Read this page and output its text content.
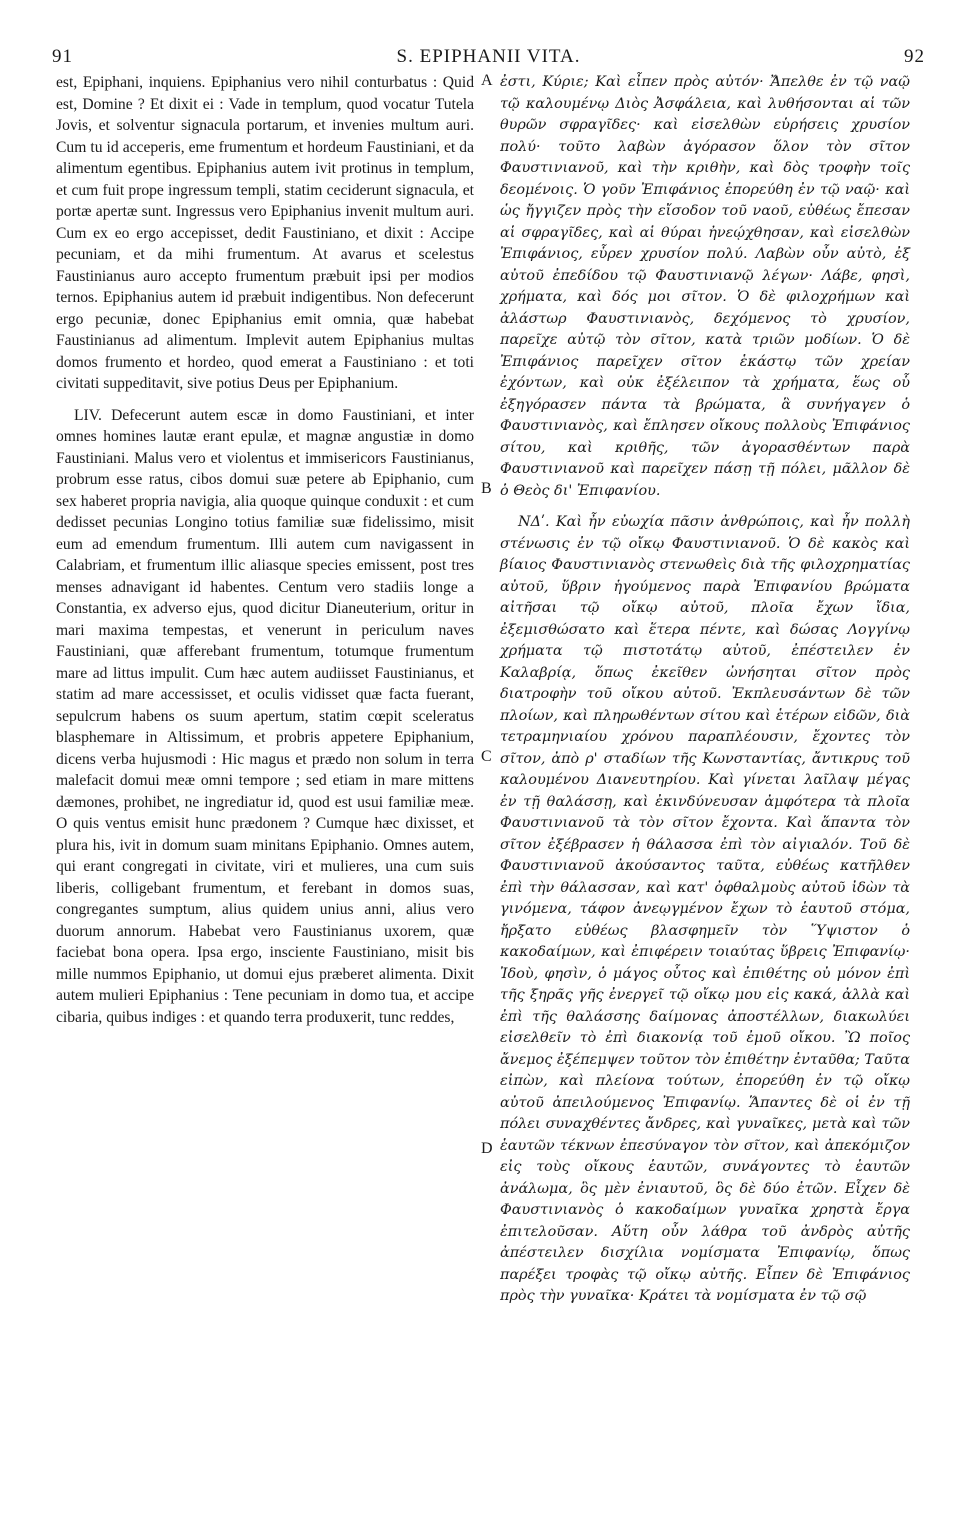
91	S. EPIPHANII VITA.	92

est, Epiphani, inquiens. Epiphanius vero nihil conturbatus : Quid est, Domine ? Et dixit ei : Vade in templum, quod vocatur Tutela Jovis, et solventur signacula portarum, et invenies multum auri. Cum tu id acceperis, eme frumentum et hordeum Faustiniani, et da alimentum egentibus. Epiphanius autem ivit protinus in templum, et cum fuit prope ingressum templi, statim ceciderunt signacula, et portæ apertæ sunt. Ingressus vero Epiphanius invenit multum auri. Cum ex eo ergo accepisset, dedit Faustiniano, et dixit : Accipe pecuniam, et da mihi frumentum. At avarus et scelestus Faustinianus auro accepto frumentum præbuit ipsi per modios ternos. Epiphanius autem id præbuit indigentibus. Non defecerunt ergo pecuniæ, donec Epiphanius emit omnia, quæ habebat Faustinianus ad alimentum. Implevit autem Epiphanius multas domos frumento et hordeo, quod emerat a Faustiniano : et toti civitati suppeditavit, sive potius Deus per Epiphanium.

LIV. Defecerunt autem escæ in domo Faustiniani, et inter omnes homines lautæ erant epulæ, et magnæ angustiæ in domo Faustiniani. Malus vero et violentus et immisericors Faustinianus, probrum esse ratus, cibos domui suæ petere ab Epiphanio, cum sex haberet propria navigia, alia quoque quinque conduxit : et cum dedisset pecunias Longino totius familiæ suæ fidelissimo, misit eum ad emendum frumentum. Illi autem cum navigassent in Calabriam, et frumentum illic aliasque species emissent, post tres menses adnavigant id habentes. Centum vero stadiis longe a Constantia, ex adverso ejus, quod dicitur Dianeuterium, oritur in mari maxima tempestas, et venerunt in periculum naves Faustiniani, quæ afferebant frumentum, totumque frumentum mare ad littus impulit. Cum hæc autem audiisset Faustinianus, et statim ad mare accessisset, et oculis vidisset quæ facta fuerant, sepulcrum habens os suum apertum, statim cœpit sceleratus blasphemare in Altissimum, et probris appetere Epiphanium, dicens verba hujusmodi : Hic magus et prædo non solum in terra malefacit domui meæ omni tempore ; sed etiam in mare mittens dæmones, prohibet, ne ingrediatur id, quod est usui familiæ meæ. O quis ventus emisit hunc prædonem ? Cumque hæc dixisset, et plura his, ivit in domum suam minitans Epiphanio. Omnes autem, qui erant congregati in civitate, viri et mulieres, una cum suis liberis, colligebant frumentum, et ferebant in domos suas, congregantes sumptum, alius quidem unius anni, alius vero duorum annorum. Habebat vero Faustinianus uxorem, quæ faciebat bona opera. Ipsa ergo, insciente Faustiniano, misit bis mille nummos Epiphanio, ut domui ejus præberet alimenta. Dixit autem mulieri Epiphanius : Tene pecuniam in domo tua, et accipe cibaria, quibus indiges : et quando terra produxerit, tunc reddes,

A
B
C
D

ἐστι, Κύριε; Καὶ εἶπεν πρὸς αὐτόν· Ἄπελθε ἐν τῷ ναῷ τῷ καλουμένῳ Διὸς Ἀσφάλεια, καὶ λυθήσονται αἱ τῶν θυρῶν σφραγῖδες· καὶ εἰσελθὼν εὑρήσεις χρυσίον πολύ· τοῦτο λαβὼν ἀγόρασον ὅλον τὸν σῖτον Φαυστινιανοῦ, καὶ τὴν κριθὴν, καὶ δὸς τροφὴν τοῖς δεομένοις. Ὁ γοῦν Ἐπιφάνιος ἐπορεύθη ἐν τῷ ναῷ· καὶ ὡς ἤγγιζεν πρὸς τὴν εἴσοδον τοῦ ναοῦ, εὐθέως ἔπεσαν αἱ σφραγῖδες, καὶ αἱ θύραι ἠνεῴχθησαν, καὶ εἰσελθὼν Ἐπιφάνιος, εὗρεν χρυσίον πολύ. Λαβὼν οὖν αὐτὸ, ἐξ αὐτοῦ ἐπεδίδου τῷ Φαυστινιανῷ λέγων· Λάβε, φησὶ, χρήματα, καὶ δός μοι σῖτον. Ὁ δὲ φιλοχρήμων καὶ ἀλάστωρ Φαυστινιανὸς, δεχόμενος τὸ χρυσίον, παρεῖχε αὐτῷ τὸν σῖτον, κατὰ τριῶν μοδίων. Ὁ δὲ Ἐπιφάνιος παρεῖχεν σῖτον ἑκάστῳ τῶν χρείαν ἐχόντων, καὶ οὐκ ἐξέλειπον τὰ χρήματα, ἕως οὗ ἐξηγόρασεν πάντα τὰ βρώματα, ἃ συνήγαγεν ὁ Φαυστινιανὸς, καὶ ἔπλησεν οἴκους πολλοὺς Ἐπιφάνιος σίτου, καὶ κριθῆς, τῶν ἀγορασθέντων παρὰ Φαυστινιανοῦ καὶ παρεῖχεν πάσῃ τῇ πόλει, μᾶλλον δὲ ὁ Θεὸς δι' Ἐπιφανίου.

ΝΔʹ. Καὶ ἦν εὐωχία πᾶσιν ἀνθρώποις, καὶ ἦν πολλὴ στένωσις ἐν τῷ οἴκῳ Φαυστινιανοῦ. Ὁ δὲ κακὸς καὶ βίαιος Φαυστινιανὸς στενωθεὶς διὰ τῆς φιλοχρηματίας αὐτοῦ, ὕβριν ἡγούμενος παρὰ Ἐπιφανίου βρώματα αἰτῆσαι τῷ οἴκῳ αὐτοῦ, πλοῖα ἔχων ἴδια, ἐξεμισθώσατο καὶ ἕτερα πέντε, καὶ δώσας Λογγίνῳ χρήματα τῷ πιστοτάτῳ αὐτοῦ, ἐπέστειλεν ἐν Καλαβρίᾳ, ὅπως ἐκεῖθεν ὠνήσηται σῖτον πρὸς διατροφὴν τοῦ οἴκου αὐτοῦ. Ἐκπλευσάντων δὲ τῶν πλοίων, καὶ πληρωθέντων σίτου καὶ ἑτέρων εἰδῶν, διὰ τετραμηνιαίου χρόνου παραπλέουσιν, ἔχοντες τὸν σῖτον, ἀπὸ ρ' σταδίων τῆς Κωνσταντίας, ἄντικρυς τοῦ καλουμένου Διανευτηρίου. Καὶ γίνεται λαῖλαψ μέγας ἐν τῇ θαλάσσῃ, καὶ ἐκινδύνευσαν ἀμφότερα τὰ πλοῖα Φαυστινιανοῦ τὰ τὸν σῖτον ἔχοντα. Καὶ ἅπαντα τὸν σῖτον ἐξέβρασεν ἡ θάλασσα ἐπὶ τὸν αἰγιαλόν. Τοῦ δὲ Φαυστινιανοῦ ἀκούσαντος ταῦτα, εὐθέως κατῆλθεν ἐπὶ τὴν θάλασσαν, καὶ κατ' ὀφθαλμοὺς αὐτοῦ ἰδὼν τὰ γινόμενα, τάφον ἀνεῳγμένον ἔχων τὸ ἑαυτοῦ στόμα, ἤρξατο εὐθέως βλασφημεῖν τὸν Ὕψιστον ὁ κακοδαίμων, καὶ ἐπιφέρειν τοιαύτας ὕβρεις Ἐπιφανίῳ· Ἰδοὺ, φησὶν, ὁ μάγος οὗτος καὶ ἐπιθέτης οὐ μόνον ἐπὶ τῆς ξηρᾶς γῆς ἐνεργεῖ τῷ οἴκῳ μου εἰς κακά, ἀλλὰ καὶ ἐπὶ τῆς θαλάσσης δαίμονας ἀποστέλλων, διακωλύει εἰσελθεῖν τὸ ἐπὶ διακονίᾳ τοῦ ἐμοῦ οἴκου. Ὢ ποῖος ἄνεμος ἐξέπεμψεν τοῦτον τὸν ἐπιθέτην ἐνταῦθα; Ταῦτα εἰπὼν, καὶ πλείονα τούτων, ἐπορεύθη ἐν τῷ οἴκῳ αὐτοῦ ἀπειλούμενος Ἐπιφανίῳ. Ἅπαντες δὲ οἱ ἐν τῇ πόλει συναχθέντες ἄνδρες, καὶ γυναῖκες, μετὰ καὶ τῶν ἑαυτῶν τέκνων ἐπεσύναγον τὸν σῖτον, καὶ ἀπεκόμιζον εἰς τοὺς οἴκους ἑαυτῶν, συνάγοντες τὸ ἑαυτῶν ἀνάλωμα, ὃς μὲν ἐνιαυτοῦ, ὃς δὲ δύο ἐτῶν. Εἶχεν δὲ Φαυστινιανὸς ὁ κακοδαίμων γυναῖκα χρηστὰ ἔργα ἐπιτελοῦσαν. Αὕτη οὖν λάθρα τοῦ ἀνδρὸς αὐτῆς ἀπέστειλεν δισχίλια νομίσματα Ἐπιφανίῳ, ὅπως παρέξει τροφὰς τῷ οἴκῳ αὐτῆς. Εἶπεν δὲ Ἐπιφάνιος πρὸς τὴν γυναῖκα· Κράτει τὰ νομίσματα ἐν τῷ σῷ
